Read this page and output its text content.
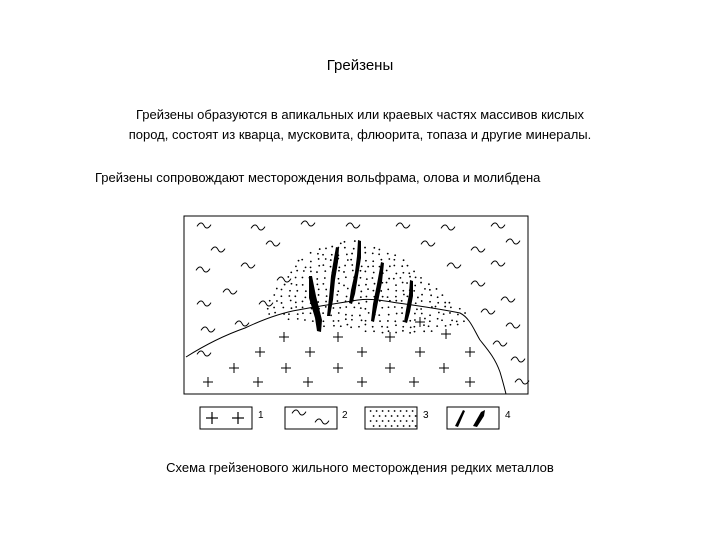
Грейзены

Грейзены образуются в апикальных или краевых частях массивов кислых
пород, состоят из кварца, мусковита, флюорита, топаза и другие минералы.

Грейзены сопровождают месторождения вольфрама, олова и молибдена

1	2	3	4

Схема грейзенового жильного месторождения редких металлов
